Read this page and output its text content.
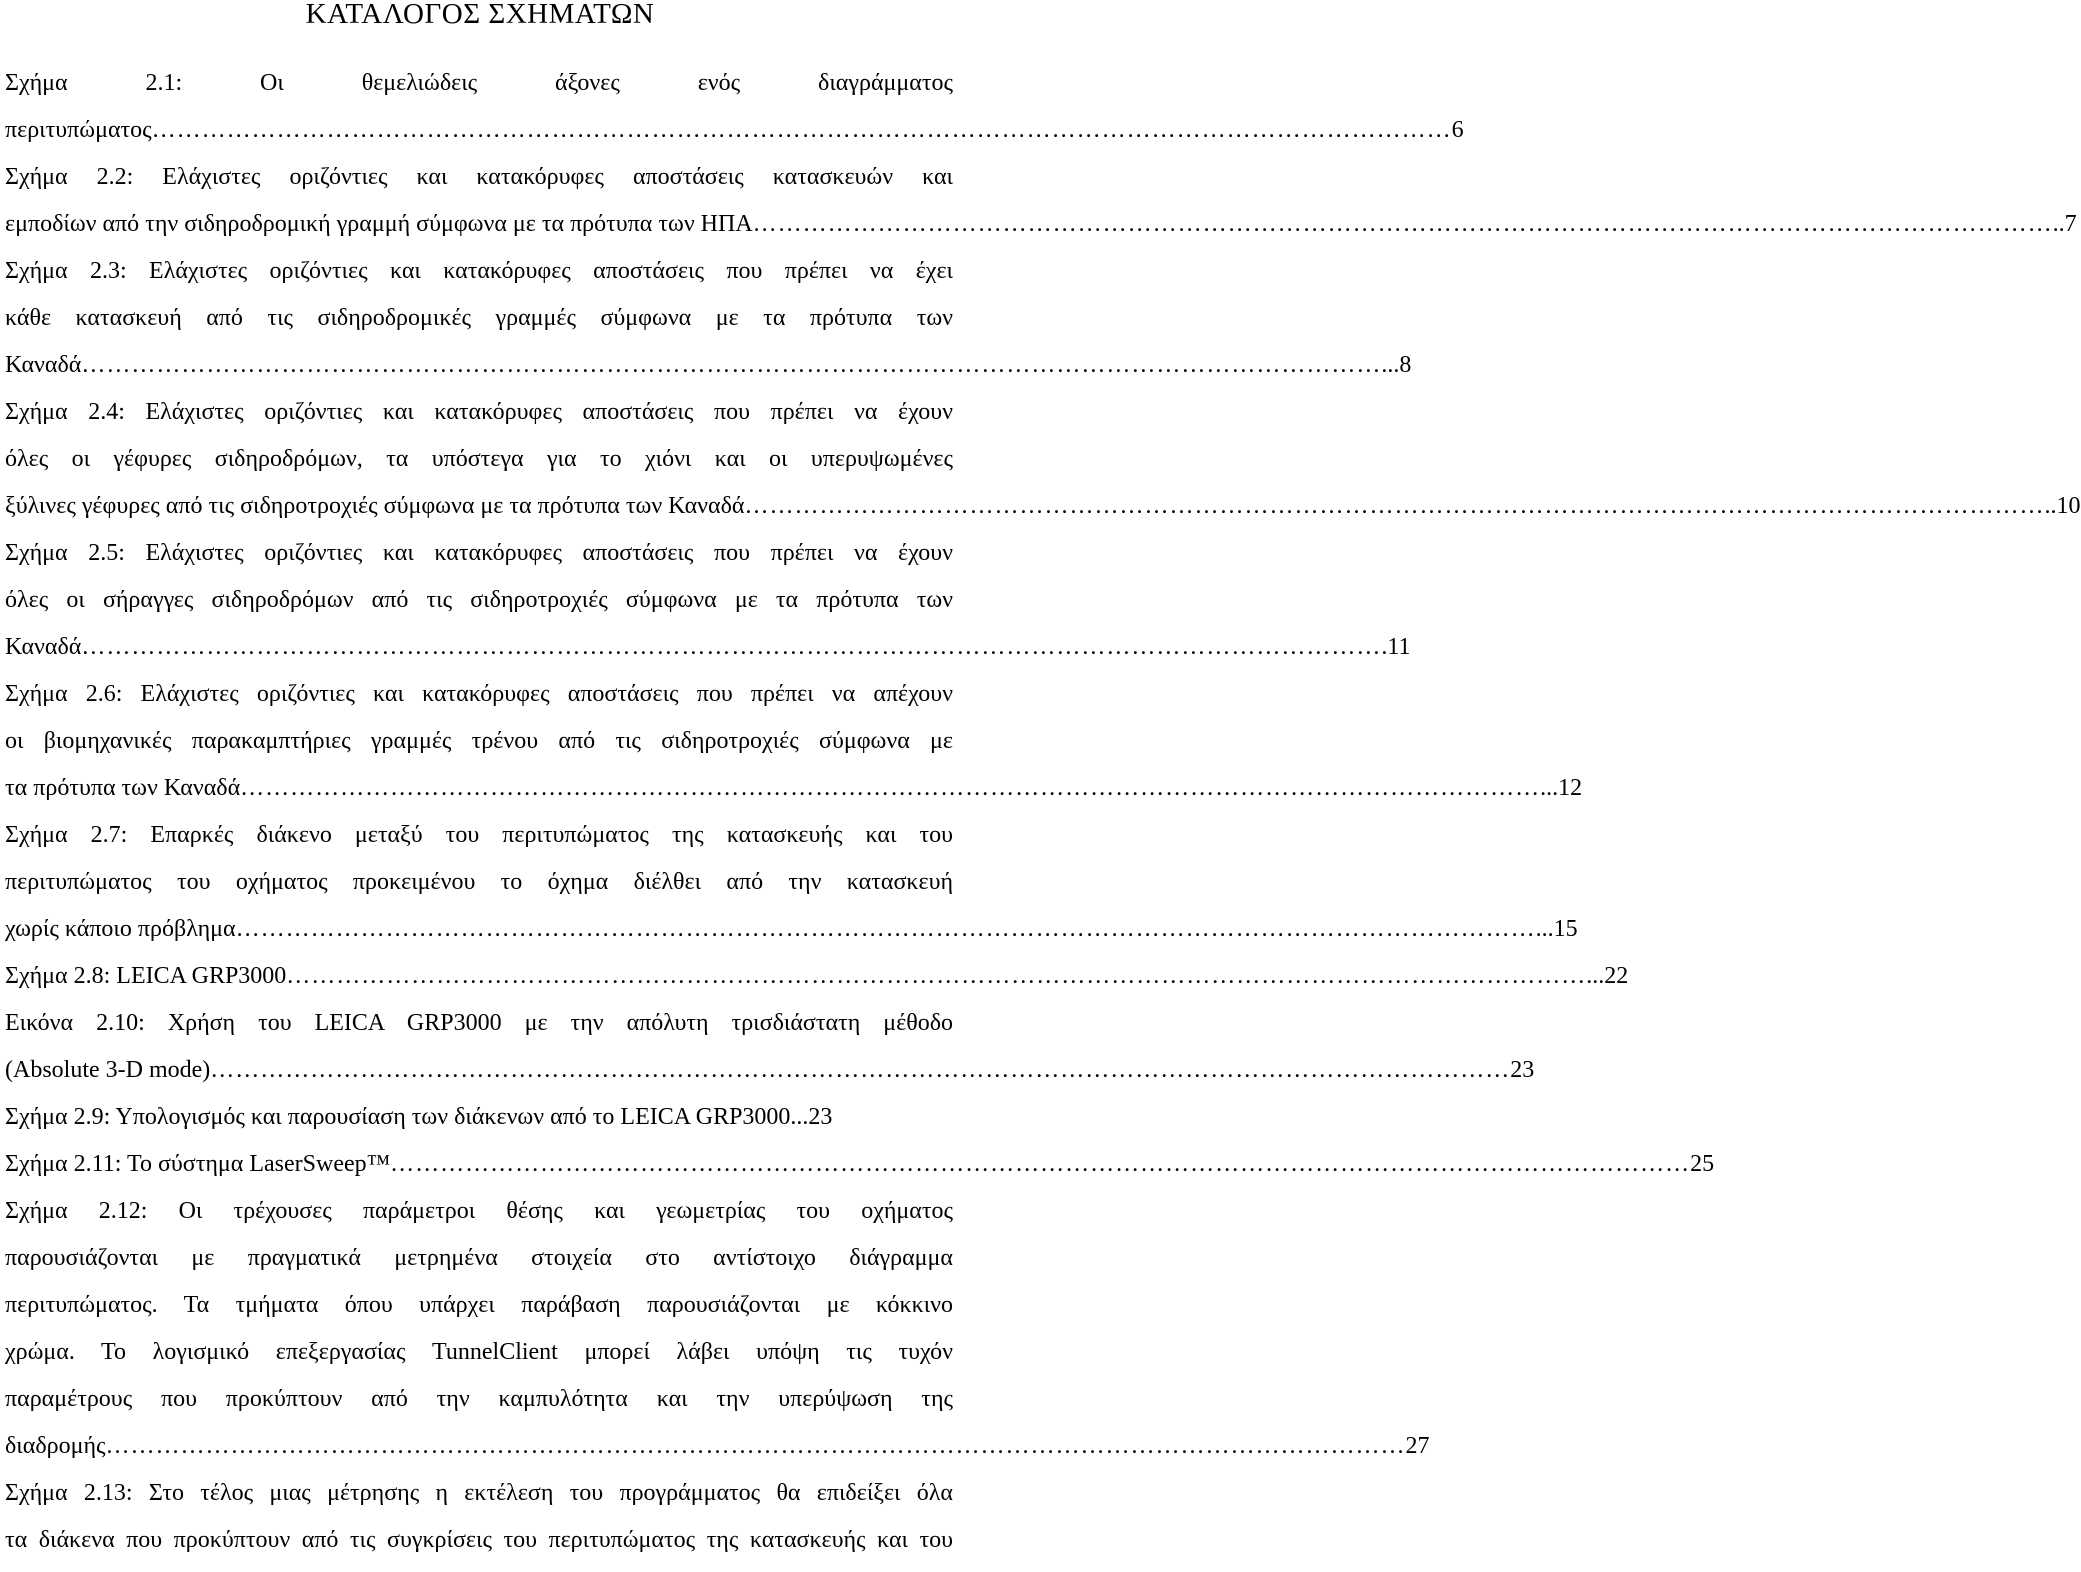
ΚΑΤΑΛΟΓΟΣ ΣΧΗΜΑΤΩΝ
Σχήμα 2.1: Οι θεμελιώδεις άξονες ενός διαγράμματος
περιτυπώματος ………………………………………………………………………………………………………………………………………… 6
Σχήμα 2.2: Ελάχιστες οριζόντιες και κατακόρυφες αποστάσεις κατασκευών και
εμποδίων από την σιδηροδρομική γραμμή σύμφωνα με τα πρότυπα των ΗΠΑ ………………………………………………………………………………………………………………………………………… ..7
Σχήμα 2.3: Ελάχιστες οριζόντιες και κατακόρυφες αποστάσεις που πρέπει να έχει
κάθε κατασκευή από τις σιδηροδρομικές γραμμές σύμφωνα με τα πρότυπα των
Καναδά ………………………………………………………………………………………………………………………………………… ...8
Σχήμα 2.4: Ελάχιστες οριζόντιες και κατακόρυφες αποστάσεις που πρέπει να έχουν
όλες οι γέφυρες σιδηροδρόμων, τα υπόστεγα για το χιόνι και οι υπερυψωμένες
ξύλινες γέφυρες από τις σιδηροτροχιές σύμφωνα με τα πρότυπα των Καναδά ………………………………………………………………………………………………………………………………………… ..10
Σχήμα 2.5: Ελάχιστες οριζόντιες και κατακόρυφες αποστάσεις που πρέπει να έχουν
όλες οι σήραγγες σιδηροδρόμων από τις σιδηροτροχιές σύμφωνα με τα πρότυπα των
Καναδά ………………………………………………………………………………………………………………………………………… .11
Σχήμα 2.6: Ελάχιστες οριζόντιες και κατακόρυφες αποστάσεις που πρέπει να απέχουν
οι βιομηχανικές παρακαμπτήριες γραμμές τρένου από τις σιδηροτροχιές σύμφωνα με
τα πρότυπα των Καναδά ………………………………………………………………………………………………………………………………………… ...12
Σχήμα 2.7: Επαρκές διάκενο μεταξύ του περιτυπώματος της κατασκευής και του
περιτυπώματος του οχήματος προκειμένου το όχημα διέλθει από την κατασκευή
χωρίς κάποιο πρόβλημα ………………………………………………………………………………………………………………………………………… ...15
Σχήμα 2.8: LEICA GRP3000 ………………………………………………………………………………………………………………………………………… ...22
Εικόνα 2.10: Χρήση του LEICA GRP3000 με την απόλυτη τρισδιάστατη μέθοδο
(Absolute 3-D mode) ………………………………………………………………………………………………………………………………………… 23
Σχήμα 2.9: Υπολογισμός και παρουσίαση των διάκενων από το LEICA GRP3000...23
Σχήμα 2.11: Το σύστημα LaserSweep™ ………………………………………………………………………………………………………………………………………… 25
Σχήμα 2.12: Οι τρέχουσες παράμετροι θέσης και γεωμετρίας του οχήματος
παρουσιάζονται με πραγματικά μετρημένα στοιχεία στο αντίστοιχο διάγραμμα
περιτυπώματος. Τα τμήματα όπου υπάρχει παράβαση παρουσιάζονται με κόκκινο
χρώμα. Το λογισμικό επεξεργασίας TunnelClient μπορεί λάβει υπόψη τις τυχόν
παραμέτρους που προκύπτουν από την καμπυλότητα και την υπερύψωση της
διαδρομής ………………………………………………………………………………………………………………………………………… 27
Σχήμα 2.13: Στο τέλος μιας μέτρησης η εκτέλεση του προγράμματος θα επιδείξει όλα
τα διάκενα που προκύπτουν από τις συγκρίσεις του περιτυπώματος της κατασκευής και του
